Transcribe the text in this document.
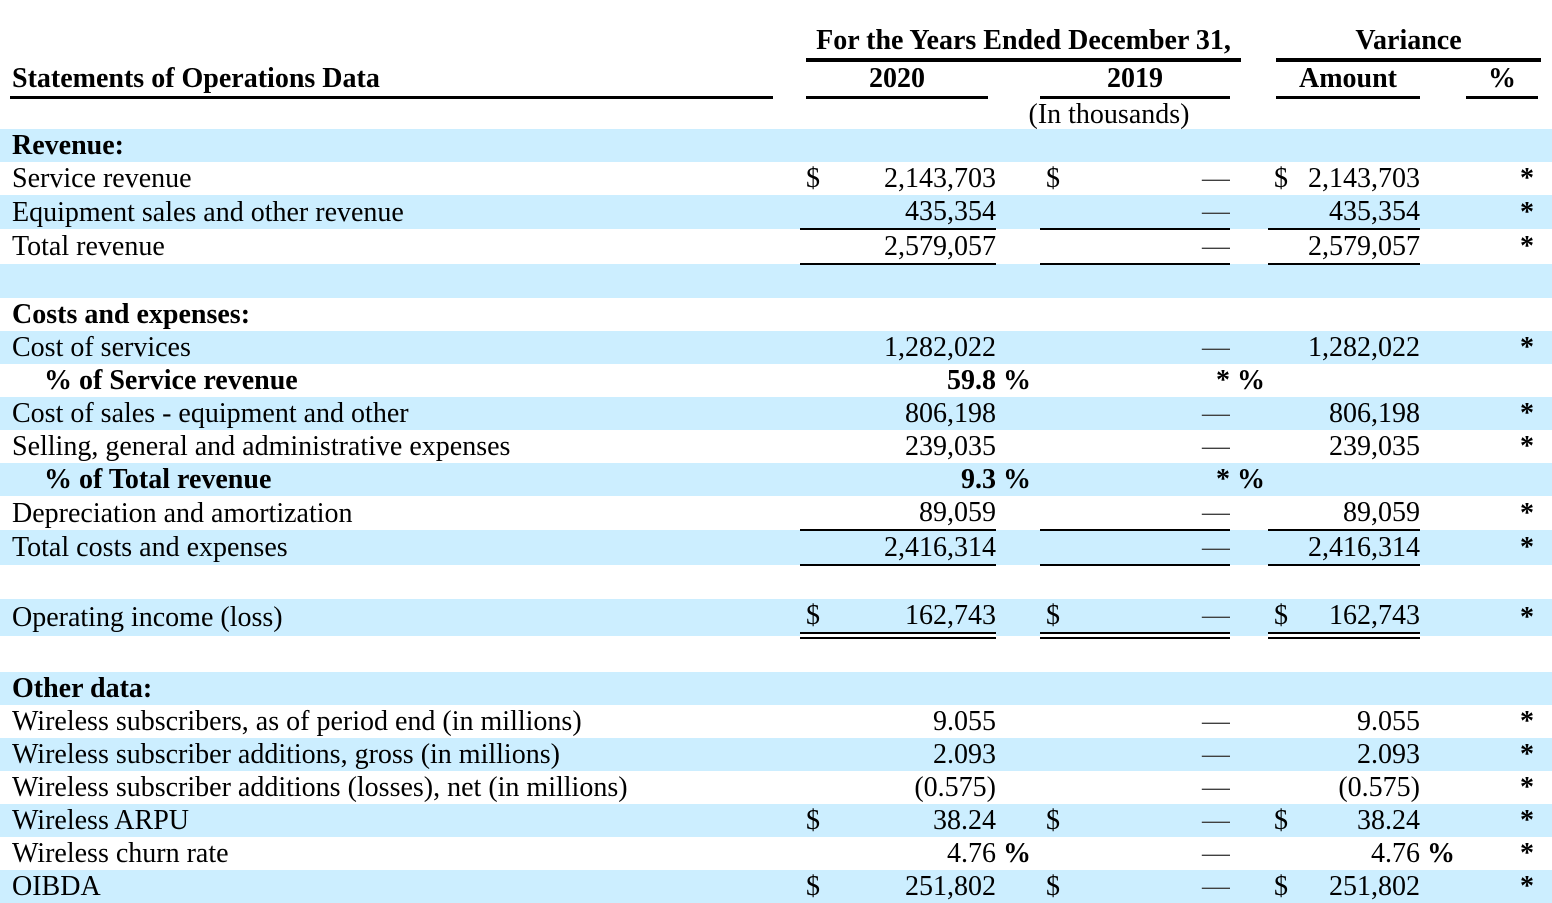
	For the Years Ended December 31,						Variance			

Statements of Operations Data	2020			2019			Amount			%

	(In thousands)									
Revenue:										
Service revenue	$	2,143,703		$	—		$	2,143,703		*
Equipment sales and other revenue		435,354			—			435,354		*
Total revenue		2,579,057			—			2,579,057		*

Costs and expenses:										
Cost of services		1,282,022			—			1,282,022		*
% of Service revenue		59.8	%		*	%				
Cost of sales - equipment and other		806,198			—			806,198		*
Selling, general and administrative expenses		239,035			—			239,035		*
% of Total revenue		9.3	%		*	%				
Depreciation and amortization		89,059			—			89,059		*
Total costs and expenses		2,416,314			—			2,416,314		*

Operating income (loss)	$	162,743		$	—		$	162,743		*

Other data:										
Wireless subscribers, as of period end (in millions)		9.055			—			9.055		*
Wireless subscriber additions, gross (in millions)		2.093			—			2.093		*
Wireless subscriber additions (losses), net (in millions)		(0.575)			—			(0.575)		*
Wireless ARPU	$	38.24		$	—		$	38.24		*
Wireless churn rate		4.76	%		—			4.76	%	*
OIBDA	$	251,802		$	—		$	251,802		*
